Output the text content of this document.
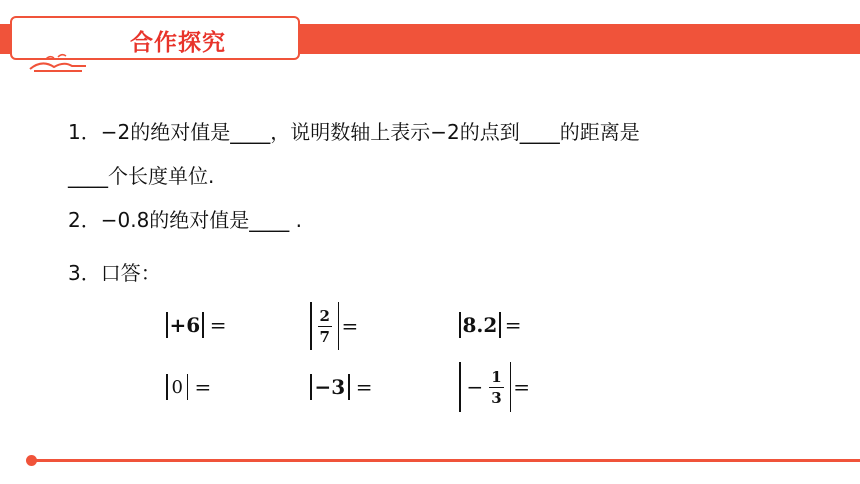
合作探究
1．−2的绝对值是____，说明数轴上表示−2的点到____的距离是
____个长度单位.
2．−0.8的绝对值是____ .
3．口答：
+6 =	$\frac{2}{7}$ =	8.2 =
0 =	−3 =	− $\frac{1}{3}$ =
